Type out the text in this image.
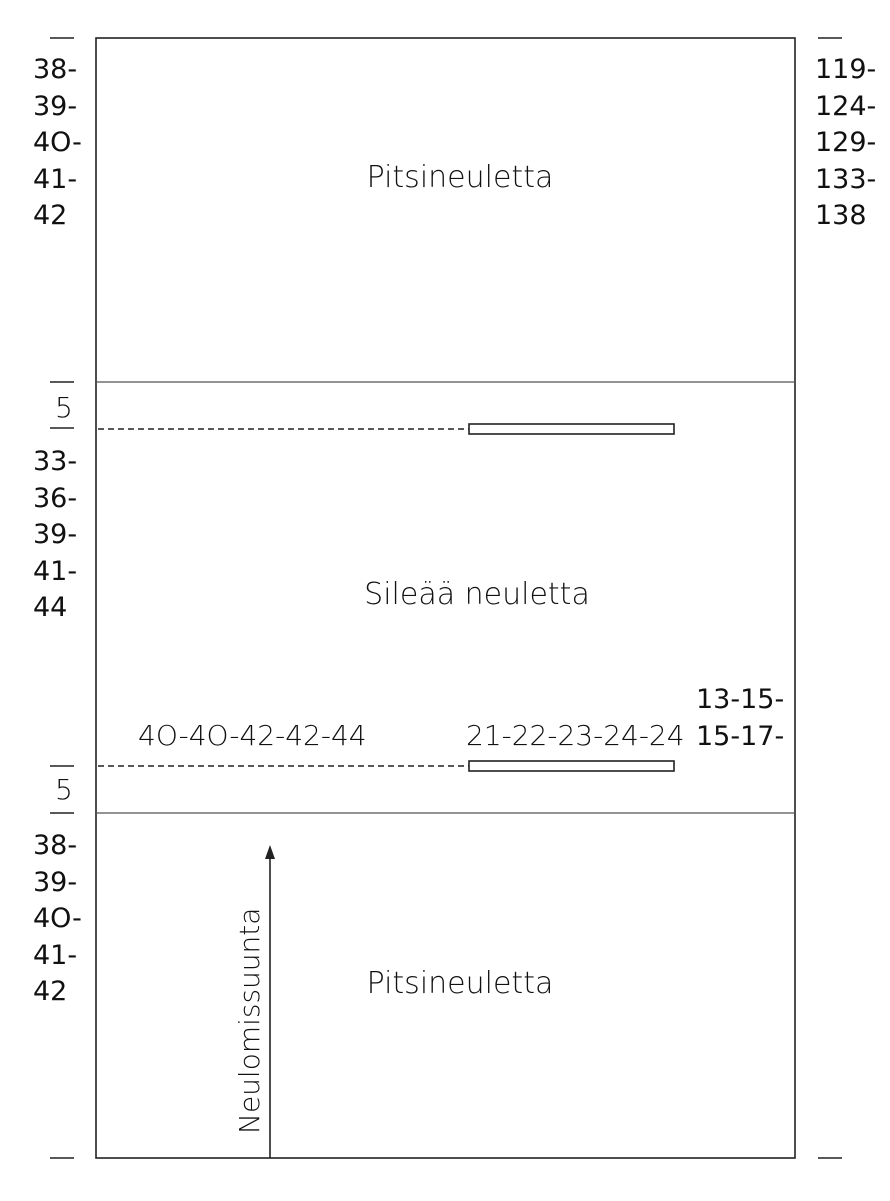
38-
39-
4O-
41-
42
5
33-
36-
39-
41-
44
5
38-
39-
4O-
41-
42
119-
124-
129-
133-
138
Pitsineuletta
Sileää neuletta
Pitsineuletta
4O-4O-42-42-44	21-22-23-24-24
13-15-
15-17-
Neulomissuunta
